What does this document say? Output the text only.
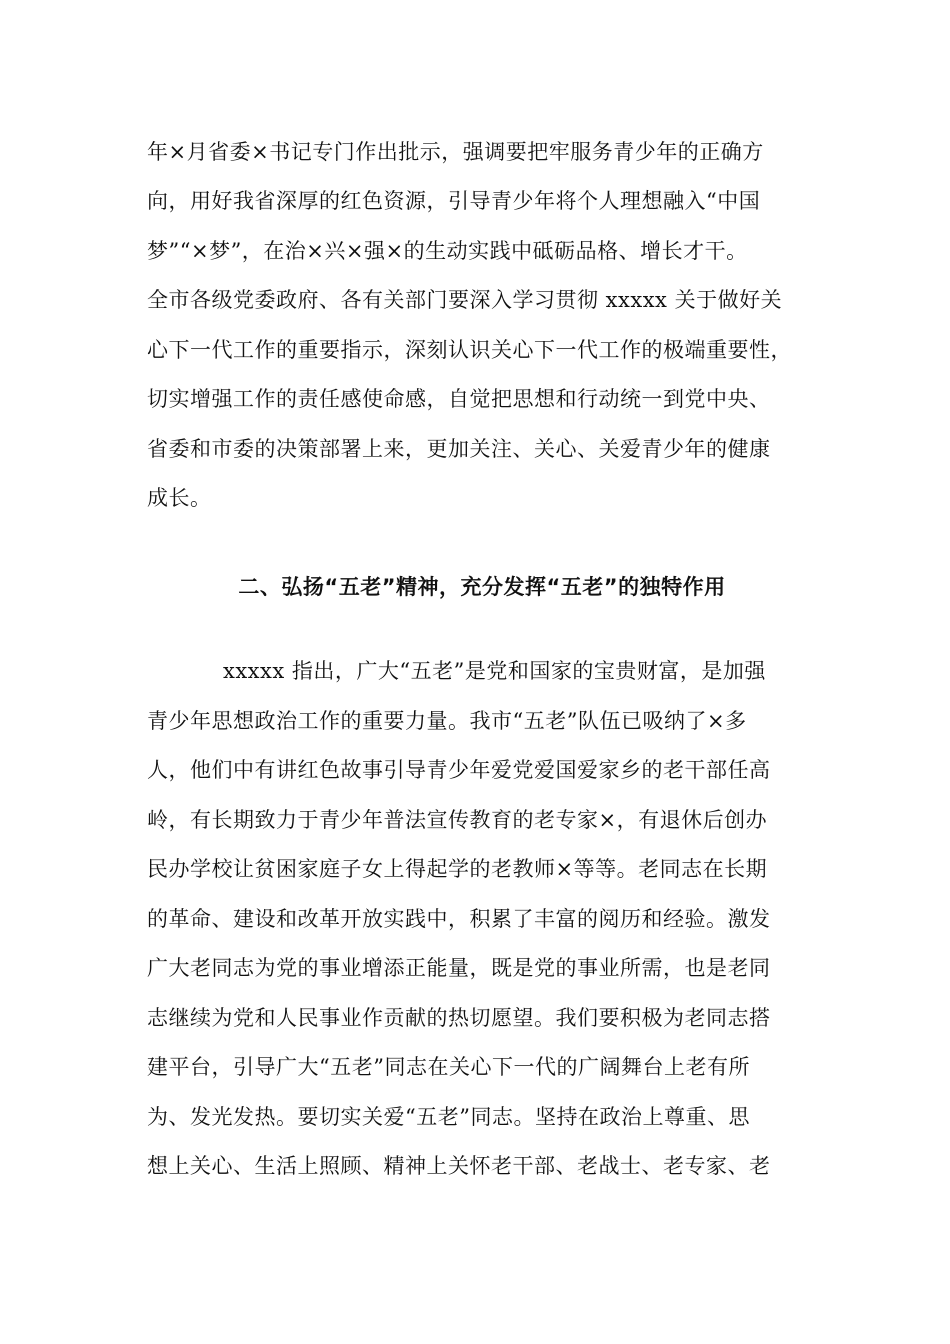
年×月省委×书记专门作出批示，强调要把牢服务青少年的正确方
向，用好我省深厚的红色资源，引导青少年将个人理想融入“中国
梦”“×梦”，在治×兴×强×的生动实践中砥砺品格、增长才干。
全市各级党委政府、各有关部门要深入学习贯彻 xxxxx 关于做好关
心下一代工作的重要指示，深刻认识关心下一代工作的极端重要性，
切实增强工作的责任感使命感，自觉把思想和行动统一到党中央、
省委和市委的决策部署上来，更加关注、关心、关爱青少年的健康
成长。
二、弘扬“五老”精神，充分发挥“五老”的独特作用
xxxxx 指出，广大“五老”是党和国家的宝贵财富，是加强
青少年思想政治工作的重要力量。我市“五老”队伍已吸纳了×多
人，他们中有讲红色故事引导青少年爱党爱国爱家乡的老干部任高
岭，有长期致力于青少年普法宣传教育的老专家×，有退休后创办
民办学校让贫困家庭子女上得起学的老教师×等等。老同志在长期
的革命、建设和改革开放实践中，积累了丰富的阅历和经验。激发
广大老同志为党的事业增添正能量，既是党的事业所需，也是老同
志继续为党和人民事业作贡献的热切愿望。我们要积极为老同志搭
建平台，引导广大“五老”同志在关心下一代的广阔舞台上老有所
为、发光发热。要切实关爱“五老”同志。坚持在政治上尊重、思
想上关心、生活上照顾、精神上关怀老干部、老战士、老专家、老
